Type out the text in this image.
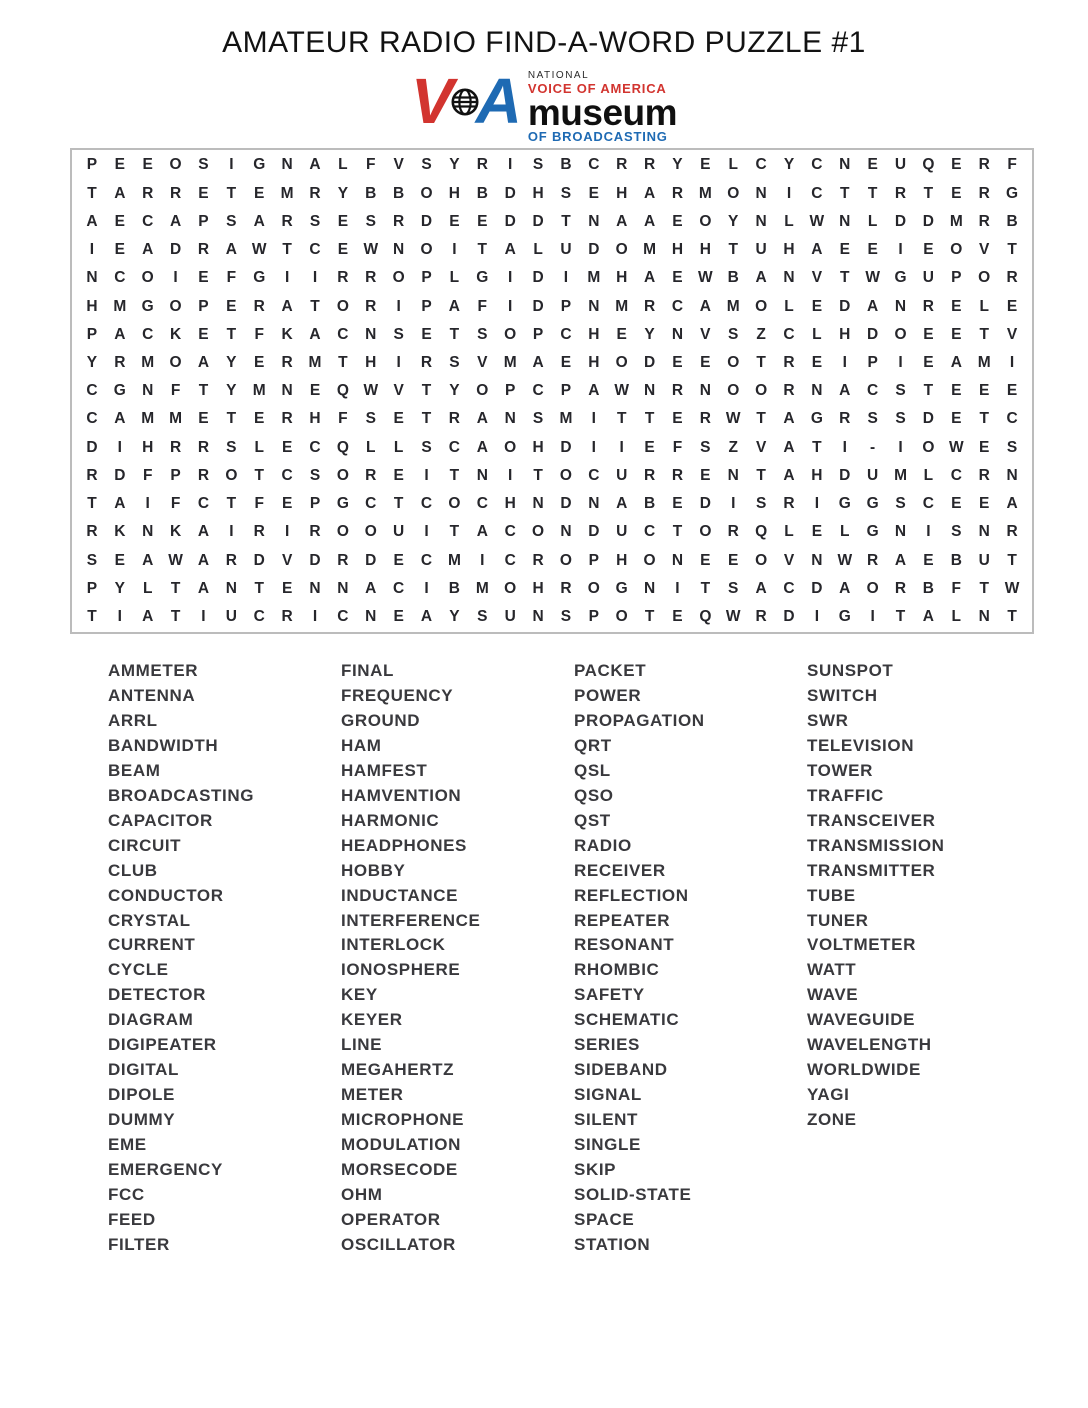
AMATEUR RADIO FIND-A-WORD PUZZLE #1
V A NATIONAL
VOICE OF AMERICA
museum
OF BROADCASTING
P E E O S I G N A L F V S Y R I S B C R R Y E L C Y C N E U Q E R F
T A R R E T E M R Y B B O H B D H S E H A R M O N I C T T R T E R G
A E C A P S A R S E S R D E E D D T N A A E O Y N L W N L D D M R B
I E A D R A W T C E W N O I T A L U D O M H H T U H A E E I E O V T
N C O I E F G I I R R O P L G I D I M H A E W B A N V T W G U P O R
H M G O P E R A T O R I P A F I D P N M R C A M O L E D A N R E L E
P A C K E T F K A C N S E T S O P C H E Y N V S Z C L H D O E E T V
Y R M O A Y E R M T H I R S V M A E H O D E E O T R E I P I E A M I
C G N F T Y M N E Q W V T Y O P C P A W N R N O O R N A C S T E E E
C A M M E T E R H F S E T R A N S M I T T E R W T A G R S S D E T C
D I H R R S L E C Q L L S C A O H D I I E F S Z V A T I - I O W E S
R D F P R O T C S O R E I T N I T O C U R R E N T A H D U M L C R N
T A I F C T F E P G C T C O C H N D N A B E D I S R I G G S C E E A
R K N K A I R I R O O U I T A C O N D U C T O R Q L E L G N I S N R
S E A W A R D V D R D E C M I C R O P H O N E E O V N W R A E B U T
P Y L T A N T E N N A C I B M O H R O G N I T S A C D A O R B F T W
T I A T I U C R I C N E A Y S U N S P O T E Q W R D I G I T A L N T
AMMETER
ANTENNA
ARRL
BANDWIDTH
BEAM
BROADCASTING
CAPACITOR
CIRCUIT
CLUB
CONDUCTOR
CRYSTAL
CURRENT
CYCLE
DETECTOR
DIAGRAM
DIGIPEATER
DIGITAL
DIPOLE
DUMMY
EME
EMERGENCY
FCC
FEED
FILTER
FINAL
FREQUENCY
GROUND
HAM
HAMFEST
HAMVENTION
HARMONIC
HEADPHONES
HOBBY
INDUCTANCE
INTERFERENCE
INTERLOCK
IONOSPHERE
KEY
KEYER
LINE
MEGAHERTZ
METER
MICROPHONE
MODULATION
MORSECODE
OHM
OPERATOR
OSCILLATOR
PACKET
POWER
PROPAGATION
QRT
QSL
QSO
QST
RADIO
RECEIVER
REFLECTION
REPEATER
RESONANT
RHOMBIC
SAFETY
SCHEMATIC
SERIES
SIDEBAND
SIGNAL
SILENT
SINGLE
SKIP
SOLID-STATE
SPACE
STATION
SUNSPOT
SWITCH
SWR
TELEVISION
TOWER
TRAFFIC
TRANSCEIVER
TRANSMISSION
TRANSMITTER
TUBE
TUNER
VOLTMETER
WATT
WAVE
WAVEGUIDE
WAVELENGTH
WORLDWIDE
YAGI
ZONE
